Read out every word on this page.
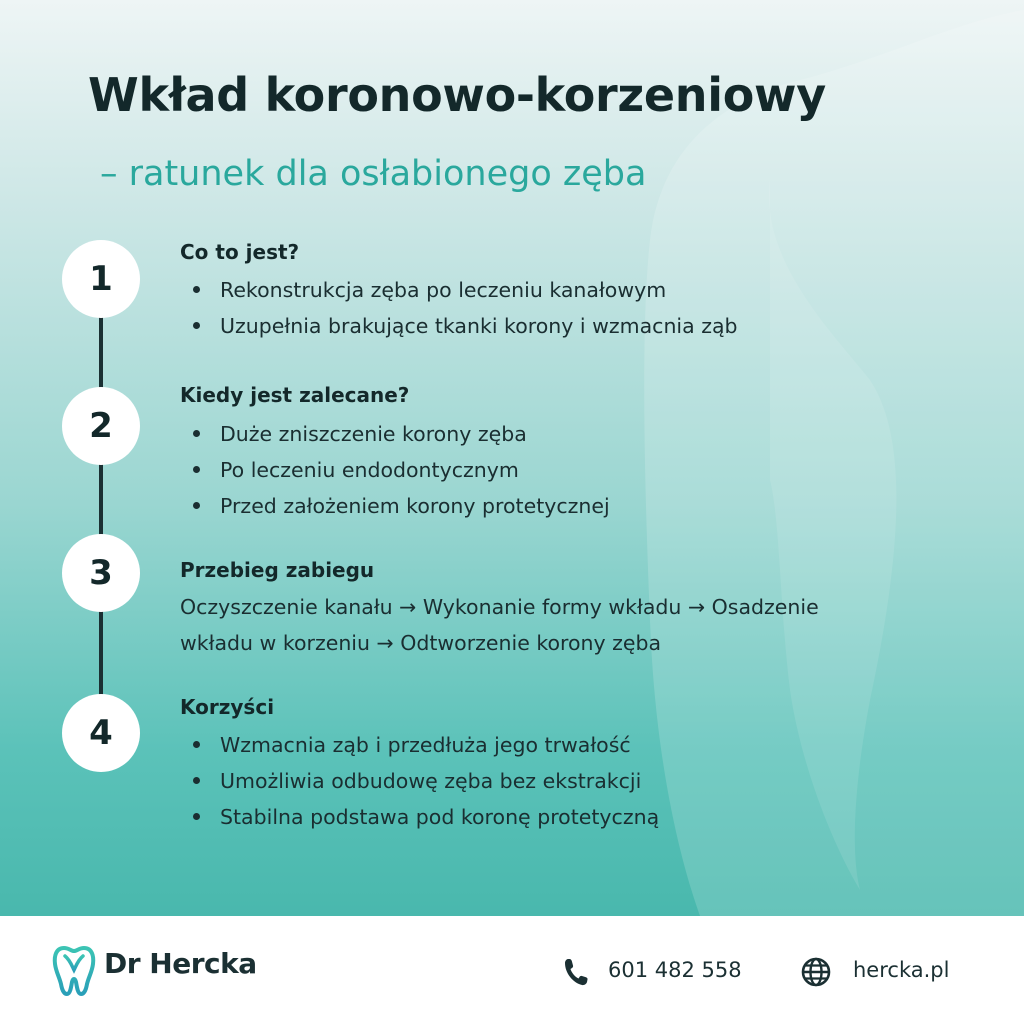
Wkład koronowo-korzeniowy
– ratunek dla osłabionego zęba
1
Co to jest?
Rekonstrukcja zęba po leczeniu kanałowym
Uzupełnia brakujące tkanki korony i wzmacnia ząb
2
Kiedy jest zalecane?
Duże zniszczenie korony zęba
Po leczeniu endodontycznym
Przed założeniem korony protetycznej
3	Przebieg zabiegu

Oczyszczenie kanału → Wykonanie formy wkładu → Osadzenie
wkładu w korzeniu → Odtworzenie korony zęba

4
Korzyści
Wzmacnia ząb i przedłuża jego trwałość
Umożliwia odbudowę zęba bez ekstrakcji
Stabilna podstawa pod koronę protetyczną
Dr Hercka	601 482 558	hercka.pl
